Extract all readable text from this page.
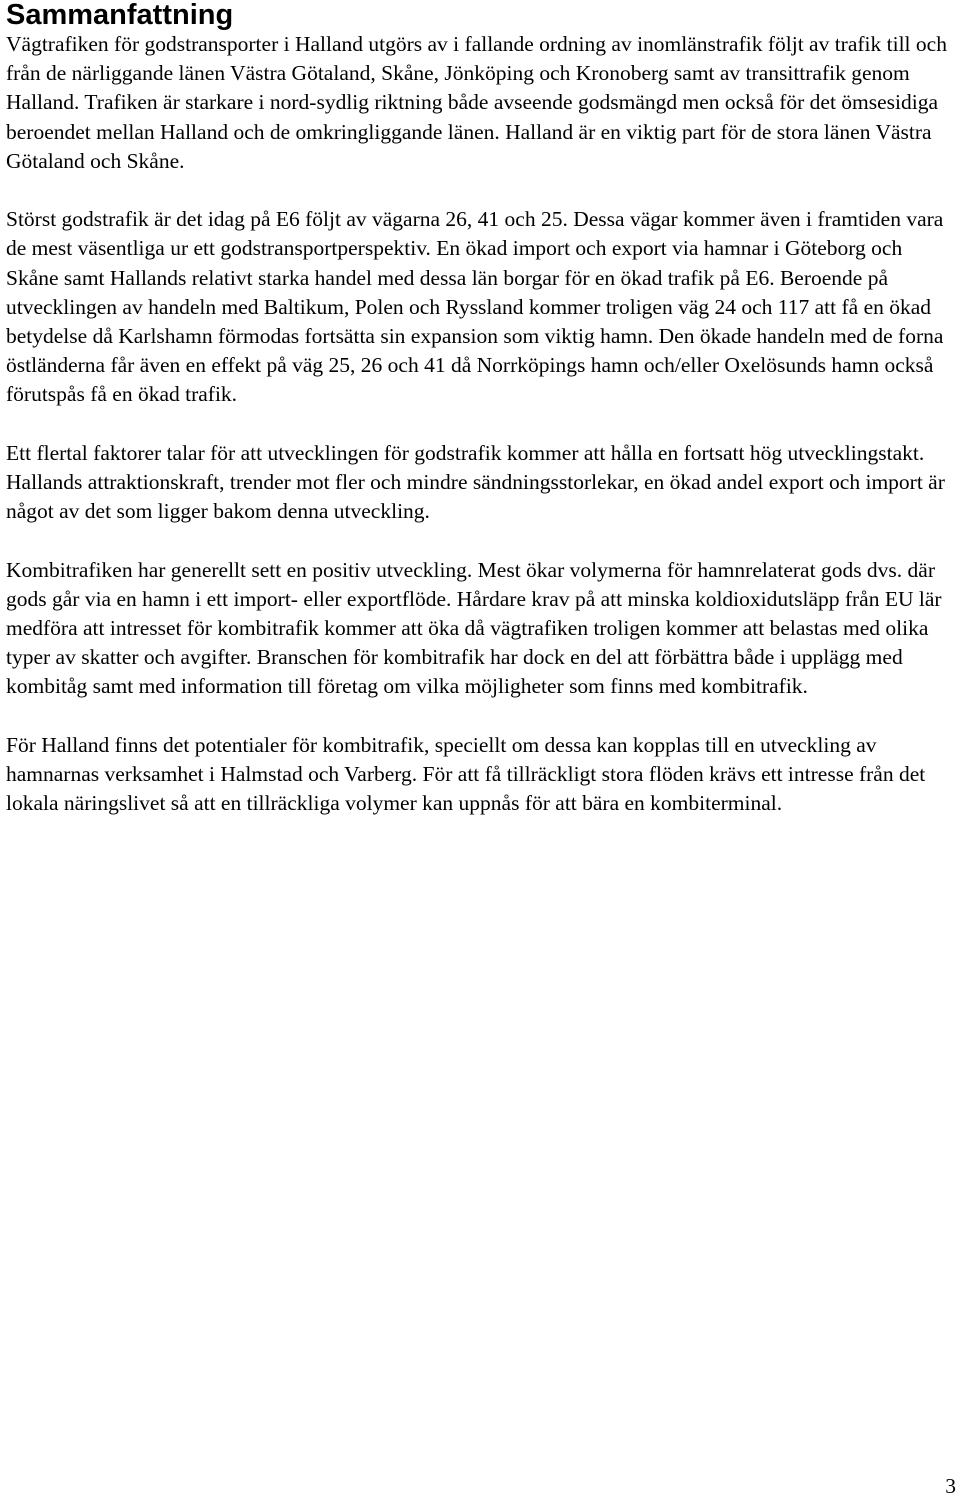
Sammanfattning

Vägtrafiken för godstransporter i Halland utgörs av i fallande ordning av inomlänstrafik följt av trafik till och från de närliggande länen Västra Götaland, Skåne, Jönköping och Kronoberg samt av transittrafik genom Halland. Trafiken är starkare i nord-sydlig riktning både avseende godsmängd men också för det ömsesidiga beroendet mellan Halland och de omkringliggande länen. Halland är en viktig part för de stora länen Västra Götaland och Skåne.

Störst godstrafik är det idag på E6 följt av vägarna 26, 41 och 25. Dessa vägar kommer även i framtiden vara de mest väsentliga ur ett godstransportperspektiv. En ökad import och export via hamnar i Göteborg och Skåne samt Hallands relativt starka handel med dessa län borgar för en ökad trafik på E6. Beroende på utvecklingen av handeln med Baltikum, Polen och Ryssland kommer troligen väg 24 och 117 att få en ökad betydelse då Karlshamn förmodas fortsätta sin expansion som viktig hamn. Den ökade handeln med de forna östländerna får även en effekt på väg 25, 26 och 41 då Norrköpings hamn och/eller Oxelösunds hamn också förutspås få en ökad trafik.

Ett flertal faktorer talar för att utvecklingen för godstrafik kommer att hålla en fortsatt hög utvecklingstakt. Hallands attraktionskraft, trender mot fler och mindre sändningsstorlekar, en ökad andel export och import är något av det som ligger bakom denna utveckling.

Kombitrafiken har generellt sett en positiv utveckling. Mest ökar volymerna för hamnrelaterat gods dvs. där gods går via en hamn i ett import- eller exportflöde. Hårdare krav på att minska koldioxidutsläpp från EU lär medföra att intresset för kombitrafik kommer att öka då vägtrafiken troligen kommer att belastas med olika typer av skatter och avgifter. Branschen för kombitrafik har dock en del att förbättra både i upplägg med kombitåg samt med information till företag om vilka möjligheter som finns med kombitrafik.

För Halland finns det potentialer för kombitrafik, speciellt om dessa kan kopplas till en utveckling av hamnarnas verksamhet i Halmstad och Varberg. För att få tillräckligt stora flöden krävs ett intresse från det lokala näringslivet så att en tillräckliga volymer kan uppnås för att bära en kombiterminal.

3
